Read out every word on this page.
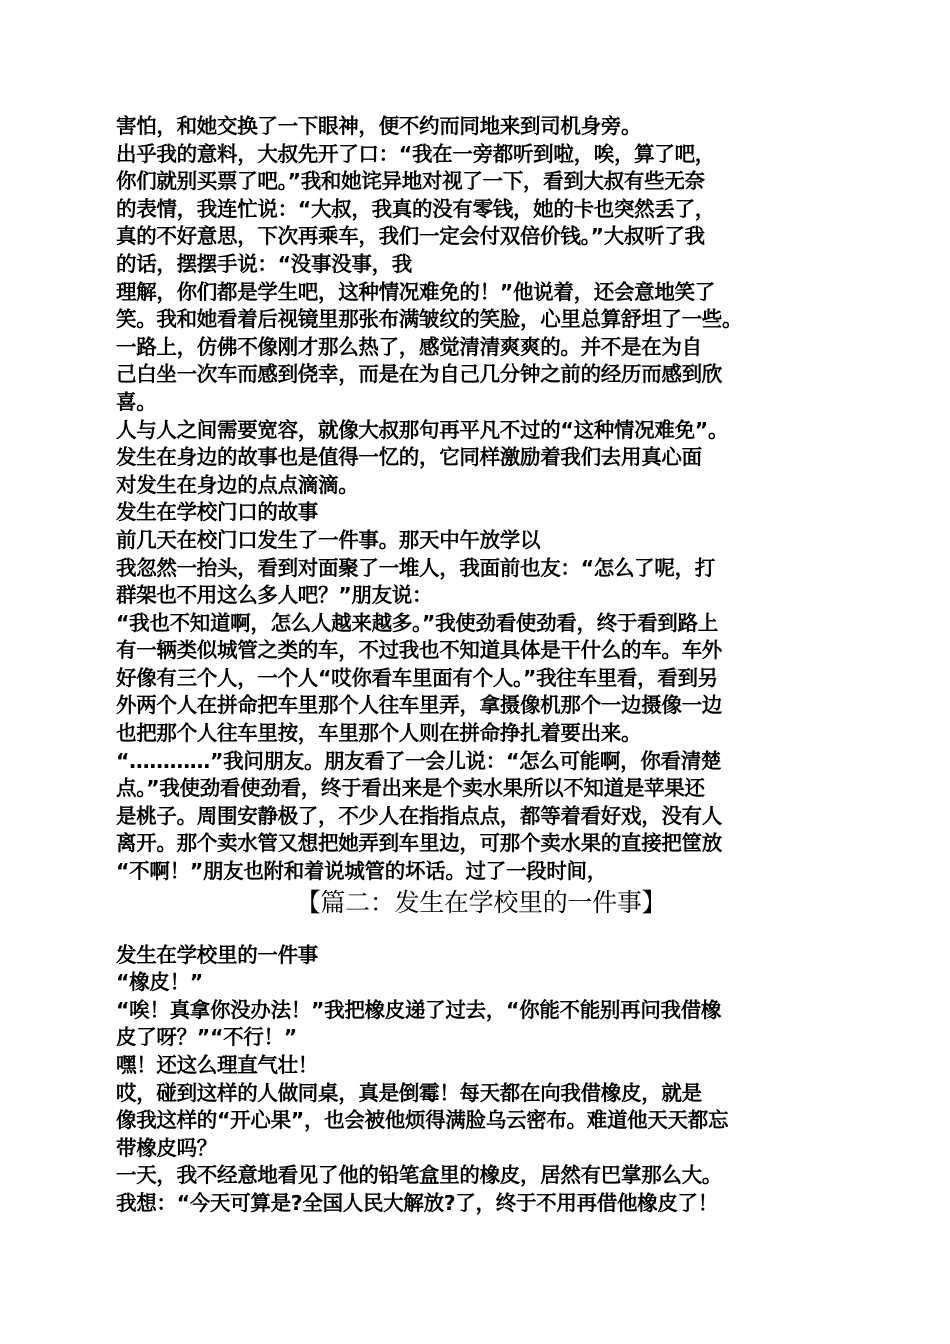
害怕，和她交换了一下眼神，便不约而同地来到司机身旁。
出乎我的意料，大叔先开了口：“我在一旁都听到啦，唉，算了吧，
你们就别买票了吧。”我和她诧异地对视了一下，看到大叔有些无奈
的表情，我连忙说：“大叔，我真的没有零钱，她的卡也突然丢了，
真的不好意思，下次再乘车，我们一定会付双倍价钱。”大叔听了我
的话，摆摆手说：“没事没事，我
理解，你们都是学生吧，这种情况难免的！”他说着，还会意地笑了
笑。我和她看着后视镜里那张布满皱纹的笑脸，心里总算舒坦了一些。
一路上，仿佛不像刚才那么热了，感觉清清爽爽的。并不是在为自
己白坐一次车而感到侥幸，而是在为自己几分钟之前的经历而感到欣
喜。
人与人之间需要宽容，就像大叔那句再平凡不过的“这种情况难免”。
发生在身边的故事也是值得一忆的，它同样激励着我们去用真心面
对发生在身边的点点滴滴。
发生在学校门口的故事
前几天在校门口发生了一件事。那天中午放学以
我忽然一抬头，看到对面聚了一堆人，我面前也友：“怎么了呢，打
群架也不用这么多人吧？”朋友说：
“我也不知道啊，怎么人越来越多。”我使劲看使劲看，终于看到路上
有一辆类似城管之类的车，不过我也不知道具体是干什么的车。车外
好像有三个人，一个人“哎你看车里面有个人。”我往车里看，看到另
外两个人在拼命把车里那个人往车里弄，拿摄像机那个一边摄像一边
也把那个人往车里按，车里那个人则在拼命挣扎着要出来。
“…………”我问朋友。朋友看了一会儿说：“怎么可能啊，你看清楚
点。”我使劲看使劲看，终于看出来是个卖水果所以不知道是苹果还
是桃子。周围安静极了，不少人在指指点点，都等着看好戏，没有人
离开。那个卖水管又想把她弄到车里边，可那个卖水果的直接把筐放
“不啊！”朋友也附和着说城管的坏话。过了一段时间，
【篇二：发生在学校里的一件事】
发生在学校里的一件事
“橡皮！”
“唉！真拿你没办法！”我把橡皮递了过去，“你能不能别再问我借橡
皮了呀？”“不行！”
嘿！还这么理直气壮！
哎，碰到这样的人做同桌，真是倒霉！每天都在向我借橡皮，就是
像我这样的“开心果”，也会被他烦得满脸乌云密布。难道他天天都忘
带橡皮吗？
一天，我不经意地看见了他的铅笔盒里的橡皮，居然有巴掌那么大。
我想：“今天可算是?全国人民大解放?了，终于不用再借他橡皮了！
